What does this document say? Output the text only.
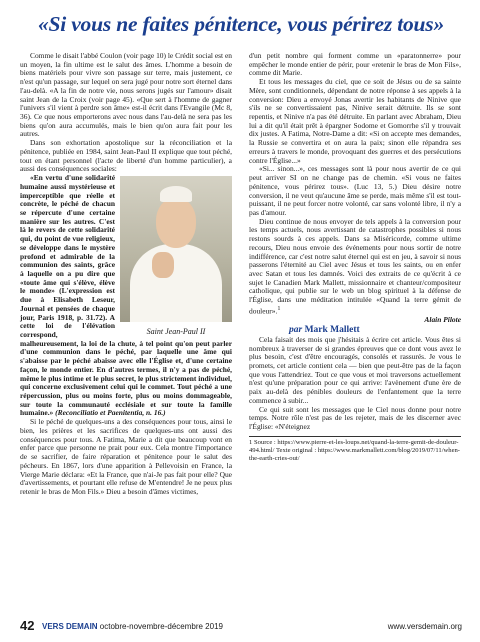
«Si vous ne faites pénitence, vous périrez tous»

Comme le disait l'abbé Coulon (voir page 10) le Crédit social est en un moyen, la fin ultime est le salut des âmes. L'homme a besoin de biens matériels pour vivre son passage sur terre, mais justement, ce n'est qu'un passage, sur lequel on sera jugé pour notre sort éternel dans l'au-delà. «A la fin de notre vie, nous serons jugés sur l'amour» disait saint Jean de la Croix (voir page 45). «Que sert à l'homme de gagner l'univers s'il vient à perdre son âme» est-il écrit dans l'Evangile (Mc 8, 36). Ce que nous emporterons avec nous dans l'au-delà ne sera pas les biens qu'on aura accumulés, mais le bien qu'on aura fait pour les autres.

Dans son exhortation apostolique sur la réconciliation et la pénitence, publiée en 1984, saint Jean-Paul II explique que tout péché, tout en étant personnel (l'acte de liberté d'un homme particulier), a aussi des conséquences sociales:

Saint Jean-Paul II

«En vertu d'une solidarité humaine aussi mystérieuse et imperceptible que réelle et concrète, le péché de chacun se répercute d'une certaine manière sur les autres. C'est là le revers de cette solidarité qui, du point de vue religieux, se développe dans le mystère profond et admirable de la communion des saints, grâce à laquelle on a pu dire que «toute âme qui s'élève, élève le monde» (L'expression est due à Elisabeth Leseur, Journal et pensées de chaque jour, Paris 1918, p. 31.72). A cette loi de l'élévation correspond, malheureusement, la loi de la chute, à tel point qu'on peut parler d'une communion dans le péché, par laquelle une âme qui s'abaisse par le péché abaisse avec elle l'Église et, d'une certaine façon, le monde entier. En d'autres termes, il n'y a pas de péché, même le plus intime et le plus secret, le plus strictement individuel, qui concerne exclusivement celui qui le commet. Tout péché a une répercussion, plus ou moins forte, plus ou moins dommageable, sur toute la communauté ecclésiale et sur toute la famille humaine.» (Reconciliatio et Paenitentia, n. 16.)

Si le péché de quelques-uns a des conséquences pour tous, ainsi le bien, les prières et les sacrifices de quelques-uns ont aussi des conséquences pour tous. A Fatima, Marie a dit que beaucoup vont en enfer parce que personne ne prait pour eux. Cela montre l'importance de se sacrifier, de faire réparation et pénitence pour le salut des pécheurs. En 1867, lors d'une apparition à Pellevoisin en France, la Vierge Marie déclara: «Et la France, que n'ai-Je pas fait pour elle? Que d'avertissements, et pourtant elle refuse de M'entendre! Je ne peux plus retenir le bras de Mon Fils.» Dieu a besoin d'âmes victimes,

d'un petit nombre qui forment comme un «paratonnerre» pour empêcher le monde entier de périr, pour «retenir le bras de Mon Fils», comme dit Marie.

Et tous les messages du ciel, que ce soit de Jésus ou de sa sainte Mère, sont conditionnels, dépendant de notre réponse à ses appels à la conversion: Dieu a envoyé Jonas avertir les habitants de Ninive que s'ils ne se convertissaient pas, Ninive serait détruite. Ils se sont repentis, et Ninive n'a pas été détruite. En parlant avec Abraham, Dieu lui a dit qu'il était prêt à épargner Sodome et Gomorrhe s'il y trouvait dix justes. A Fatima, Notre-Dame a dit: «Si on accepte mes demandes, la Russie se convertira et on aura la paix; sinon elle répandra ses erreurs à travers le monde, provoquant des guerres et des persécutions contre l'Église...»

«Si... sinon...», ces messages sont là pour nous avertir de ce qui peut arriver SI on ne change pas de chemin. «Si vous ne faites pénitence, vous périrez tous». (Luc 13, 5.) Dieu désire notre conversion, il ne veut qu'aucune âme se perde, mais même s'il est tout-puissant, il ne peut forcer notre volonté, car sans volonté libre, il n'y a pas d'amour.

Dieu continue de nous envoyer de tels appels à la conversion pour les temps actuels, nous avertissant de catastrophes possibles si nous restons sourds à ces appels. Dans sa Miséricorde, comme ultime recours, Dieu nous envoie des événements pour nous sortir de notre indifférence, car c'est notre salut éternel qui est en jeu, à savoir si nous passerons l'éternité au Ciel avec Jésus et tous les saints, ou en enfer avec Satan et tous les damnés. Voici des extraits de ce qu'écrit à ce sujet le Canadien Mark Mallett, missionnaire et chanteur/compositeur catholique, qui publie sur le web un blog spirituel à la défense de l'Église, dans une méditation intitulée «Quand la terre gémit de douleur».$^1$

Alain Pilote

par Mark Mallett

Cela faisait des mois que j'hésitais à écrire cet article. Vous êtes si nombreux à traverser de si grandes épreuves que ce dont vous avez le plus besoin, c'est d'être encouragés, consolés et rassurés. Je vous le promets, cet article contient cela — bien que peut-être pas de la façon que vous l'attendriez. Tout ce que vous et moi traversons actuellement n'est qu'une préparation pour ce qui arrive: l'avènement d'une ère de paix au-delà des pénibles douleurs de l'enfantement que la terre commence à subir...

Ce qui suit sont les messages que le Ciel nous donne pour notre temps. Notre rôle n'est pas de les rejeter, mais de les discerner avec l'Église: «N'éteignez

1 Source : https://www.pierre-et-les-loups.net/quand-la-terre-gemit-de-douleur-494.html/ Texte original : https://www.markmallett.com/blog/2019/07/11/when-the-earth-cries-out/

42 VERS DEMAIN octobre-novembre-décembre 2019	www.versdemain.org
